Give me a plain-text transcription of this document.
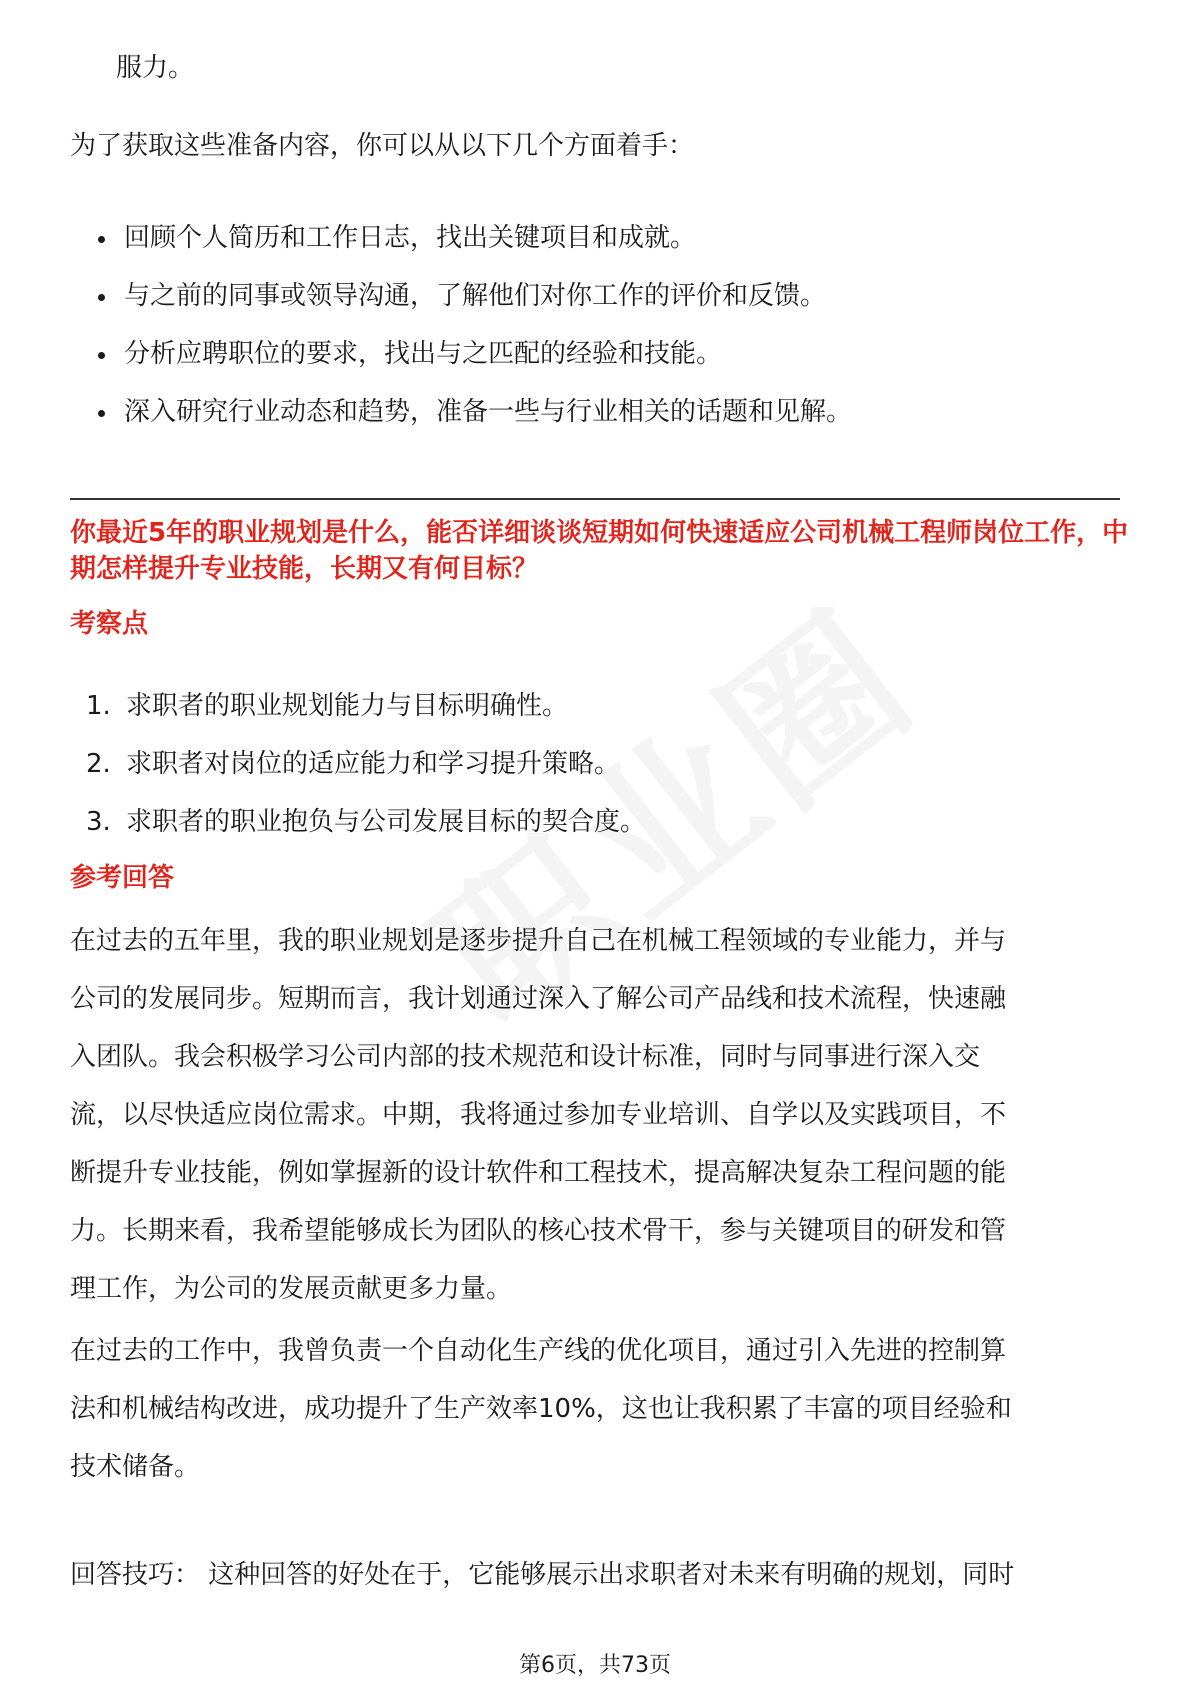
服力。
为了获取这些准备内容，你可以从以下几个方面着手：
回顾个人简历和工作日志，找出关键项目和成就。
与之前的同事或领导沟通，了解他们对你工作的评价和反馈。
分析应聘职位的要求，找出与之匹配的经验和技能。
深入研究行业动态和趋势，准备一些与行业相关的话题和见解。
你最近5年的职业规划是什么，能否详细谈谈短期如何快速适应公司机械工程师岗位工作，中期怎样提升专业技能，长期又有何目标？
考察点
1. 求职者的职业规划能力与目标明确性。
2. 求职者对岗位的适应能力和学习提升策略。
3. 求职者的职业抱负与公司发展目标的契合度。
参考回答
在过去的五年里，我的职业规划是逐步提升自己在机械工程领域的专业能力，并与
公司的发展同步。短期而言，我计划通过深入了解公司产品线和技术流程，快速融
入团队。我会积极学习公司内部的技术规范和设计标准，同时与同事进行深入交
流，以尽快适应岗位需求。中期，我将通过参加专业培训、自学以及实践项目，不
断提升专业技能，例如掌握新的设计软件和工程技术，提高解决复杂工程问题的能
力。长期来看，我希望能够成长为团队的核心技术骨干，参与关键项目的研发和管
理工作，为公司的发展贡献更多力量。
在过去的工作中，我曾负责一个自动化生产线的优化项目，通过引入先进的控制算
法和机械结构改进，成功提升了生产效率10%，这也让我积累了丰富的项目经验和
技术储备。
回答技巧： 这种回答的好处在于，它能够展示出求职者对未来有明确的规划，同时
第6页，共73页
